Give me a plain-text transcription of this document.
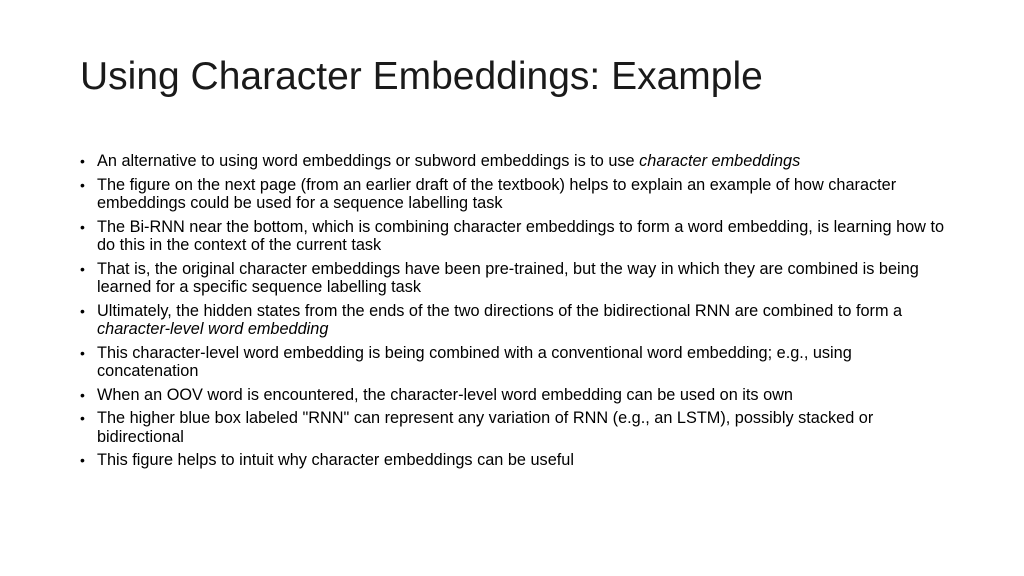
Using Character Embeddings: Example
• An alternative to using word embeddings or subword embeddings is to use character embeddings
• The figure on the next page (from an earlier draft of the textbook) helps to explain an example of how character embeddings could be used for a sequence labelling task
• The Bi-RNN near the bottom, which is combining character embeddings to form a word embedding, is learning how to do this in the context of the current task
• That is, the original character embeddings have been pre-trained, but the way in which they are combined is being learned for a specific sequence labelling task
• Ultimately, the hidden states from the ends of the two directions of the bidirectional RNN are combined to form a character-level word embedding
• This character-level word embedding is being combined with a conventional word embedding; e.g., using concatenation
• When an OOV word is encountered, the character-level word embedding can be used on its own
• The higher blue box labeled "RNN" can represent any variation of RNN (e.g., an LSTM), possibly stacked or bidirectional
• This figure helps to intuit why character embeddings can be useful
